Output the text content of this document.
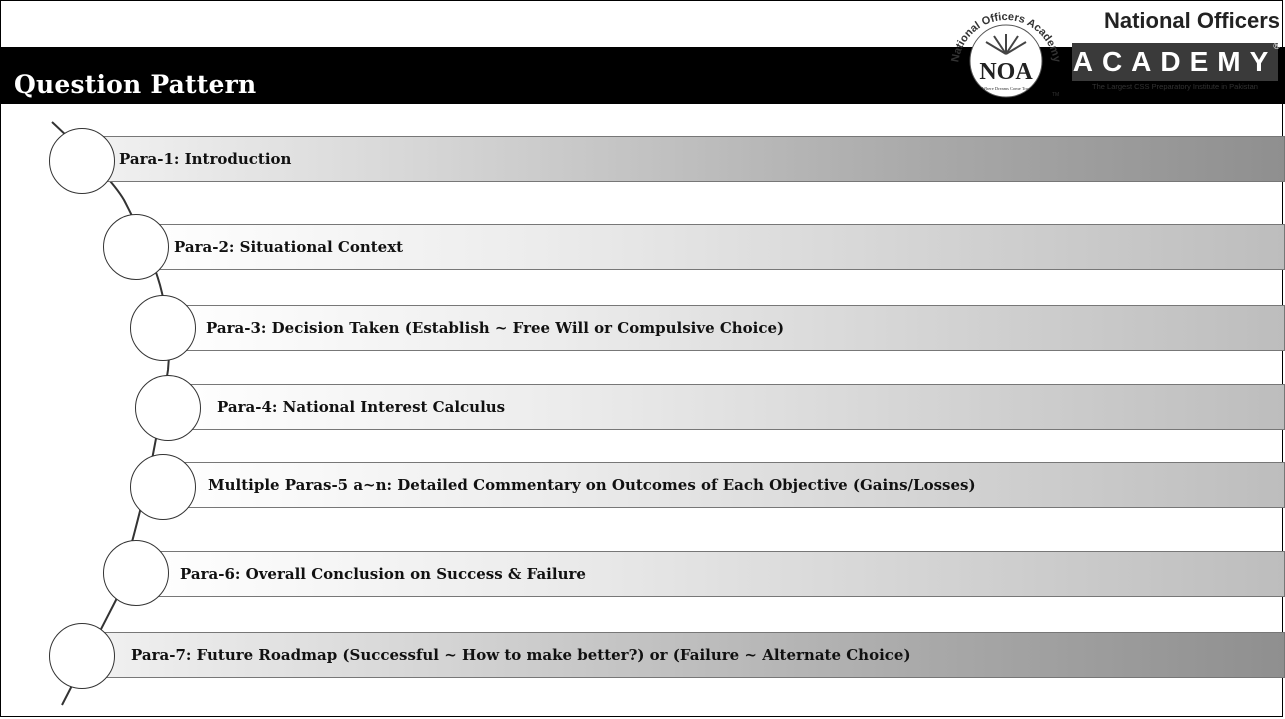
Question Pattern
National Officers Academy
NOA
Where Dreams Come True
TM
National Officers
ACADEMY
®
The Largest CSS Preparatory Institute in Pakistan
Para-1: Introduction
Para-2: Situational Context
Para-3: Decision Taken (Establish ~ Free Will or Compulsive Choice)
Para-4: National Interest Calculus
Multiple Paras-5 a~n: Detailed Commentary on Outcomes of Each Objective (Gains/Losses)
Para-6: Overall Conclusion on Success & Failure
Para-7: Future Roadmap (Successful ~ How to make better?) or (Failure ~ Alternate Choice)
